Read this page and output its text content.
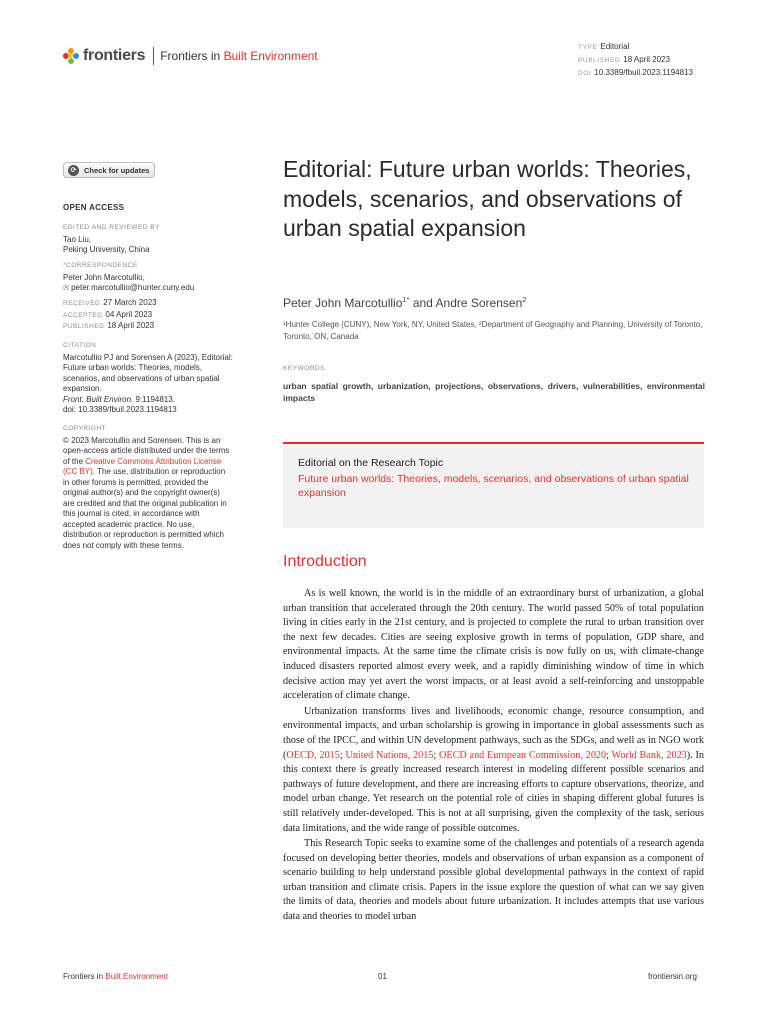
frontiers Frontiers in Built Environment
TYPE Editorial
PUBLISHED 18 April 2023
DOI 10.3389/fbuil.2023.1194813
⟳	Check for updates
OPEN ACCESS
EDITED AND REVIEWED BY
Tao Liu,
Peking University, China
*CORRESPONDENCE
Peter John Marcotullio,
✉ peter.marcotullio@hunter.cuny.edu
RECEIVED 27 March 2023
ACCEPTED 04 April 2023
PUBLISHED 18 April 2023
CITATION
Marcotullio PJ and Sorensen A (2023), Editorial: Future urban worlds: Theories, models, scenarios, and observations of urban spatial expansion.
Front. Built Environ. 9:1194813.
doi: 10.3389/fbuil.2023.1194813
COPYRIGHT
© 2023 Marcotullio and Sorensen. This is an open-access article distributed under the terms of the Creative Commons Attribution License (CC BY). The use, distribution or reproduction in other forums is permitted, provided the original author(s) and the copyright owner(s) are credited and that the original publication in this journal is cited, in accordance with accepted academic practice. No use, distribution or reproduction is permitted which does not comply with these terms.
Editorial: Future urban worlds: Theories, models, scenarios, and observations of urban spatial expansion
Peter John Marcotullio$^{1*}$ and Andre Sorensen$^2$
¹Hunter College (CUNY), New York, NY, United States, ²Department of Geography and Planning, University of Toronto, Toronto, ON, Canada
KEYWORDS
urban spatial growth, urbanization, projections, observations, drivers, vulnerabilities, environmental impacts
Editorial on the Research Topic
Future urban worlds: Theories, models, scenarios, and observations of urban spatial expansion
Introduction

As is well known, the world is in the middle of an extraordinary burst of urbanization, a global urban transition that accelerated through the 20th century. The world passed 50% of total population living in cities early in the 21st century, and is projected to complete the rural to urban transition over the next few decades. Cities are seeing explosive growth in terms of population, GDP share, and environmental impacts. At the same time the climate crisis is now fully on us, with climate-change induced disasters reported almost every week, and a rapidly diminishing window of time in which decisive action may yet avert the worst impacts, or at least avoid a self-reinforcing and unstoppable acceleration of climate change.

Urbanization transforms lives and livelihoods, economic change, resource consumption, and environmental impacts, and urban scholarship is growing in importance in global assessments such as those of the IPCC, and within UN development pathways, such as the SDGs, and well as in NGO work (OECD, 2015; United Nations, 2015; OECD and European Commission, 2020; World Bank, 2023). In this context there is greatly increased research interest in modeling different possible scenarios and pathways of future development, and there are increasing efforts to capture observations, theorize, and model urban change. Yet research on the potential role of cities in shaping different global futures is still relatively under-developed. This is not at all surprising, given the complexity of the task, serious data limitations, and the wide range of possible outcomes.

This Research Topic seeks to examine some of the challenges and potentials of a research agenda focused on developing better theories, models and observations of urban expansion as a component of scenario building to help understand possible global developmental pathways in the context of rapid urban transition and climate crisis. Papers in the issue explore the question of what can we say given the limits of data, theories and models about future urbanization. It includes attempts that use various data and theories to model urban

Frontiers in Built Environment	01	frontiersin.org
